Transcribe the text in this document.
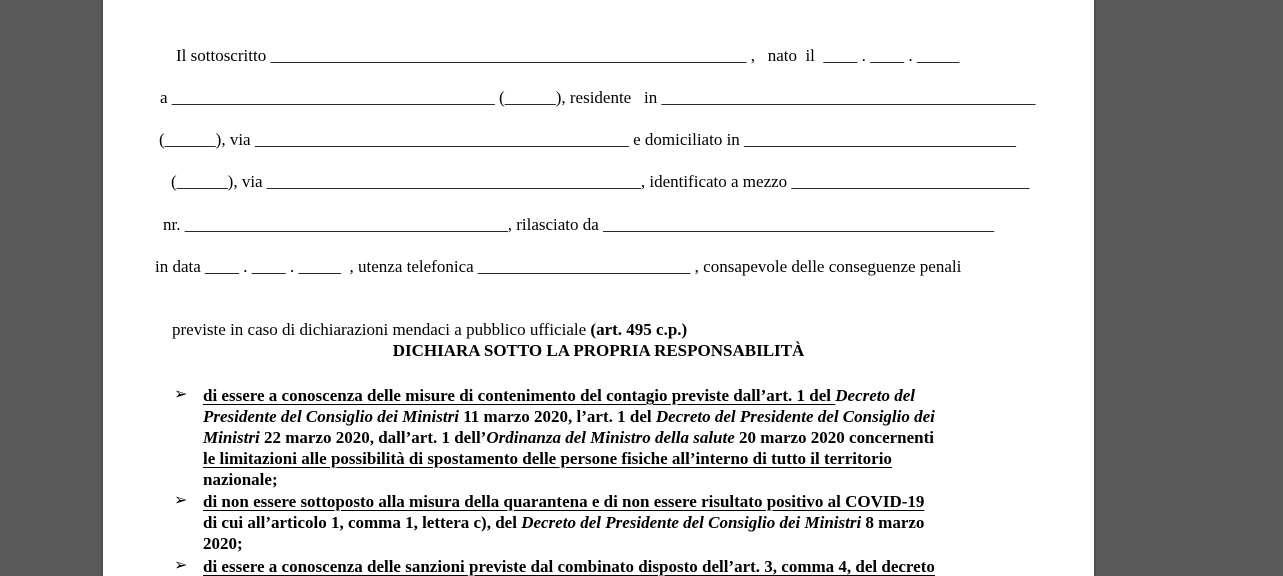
Il sottoscritto ________________________________________________________ ,   nato  il  ____ . ____ . _____
a ______________________________________ (______), residente   in ____________________________________________
(______), via ____________________________________________ e domiciliato in ________________________________
(______), via ____________________________________________, identificato a mezzo ____________________________
nr. ______________________________________, rilasciato da ______________________________________________
in data ____ . ____ . _____  , utenza telefonica _________________________ , consapevole delle conseguenze penali

previste in caso di dichiarazioni mendaci a pubblico ufficiale (art. 495 c.p.)

DICHIARA SOTTO LA PROPRIA RESPONSABILITÀ
➢ di essere a conoscenza delle misure di contenimento del contagio previste dall’art. 1 del Decreto del
Presidente del Consiglio dei Ministri 11 marzo 2020, l’art. 1 del Decreto del Presidente del Consiglio dei
Ministri 22 marzo 2020, dall’art. 1 dell’Ordinanza del Ministro della salute 20 marzo 2020 concernenti
le limitazioni alle possibilità di spostamento delle persone fisiche all’interno di tutto il territorio
nazionale;
➢ di non essere sottoposto alla misura della quarantena e di non essere risultato positivo al COVID-19
di cui all’articolo 1, comma 1, lettera c), del Decreto del Presidente del Consiglio dei Ministri 8 marzo
2020;
➢ di essere a conoscenza delle sanzioni previste dal combinato disposto dell’art. 3, comma 4, del decreto
